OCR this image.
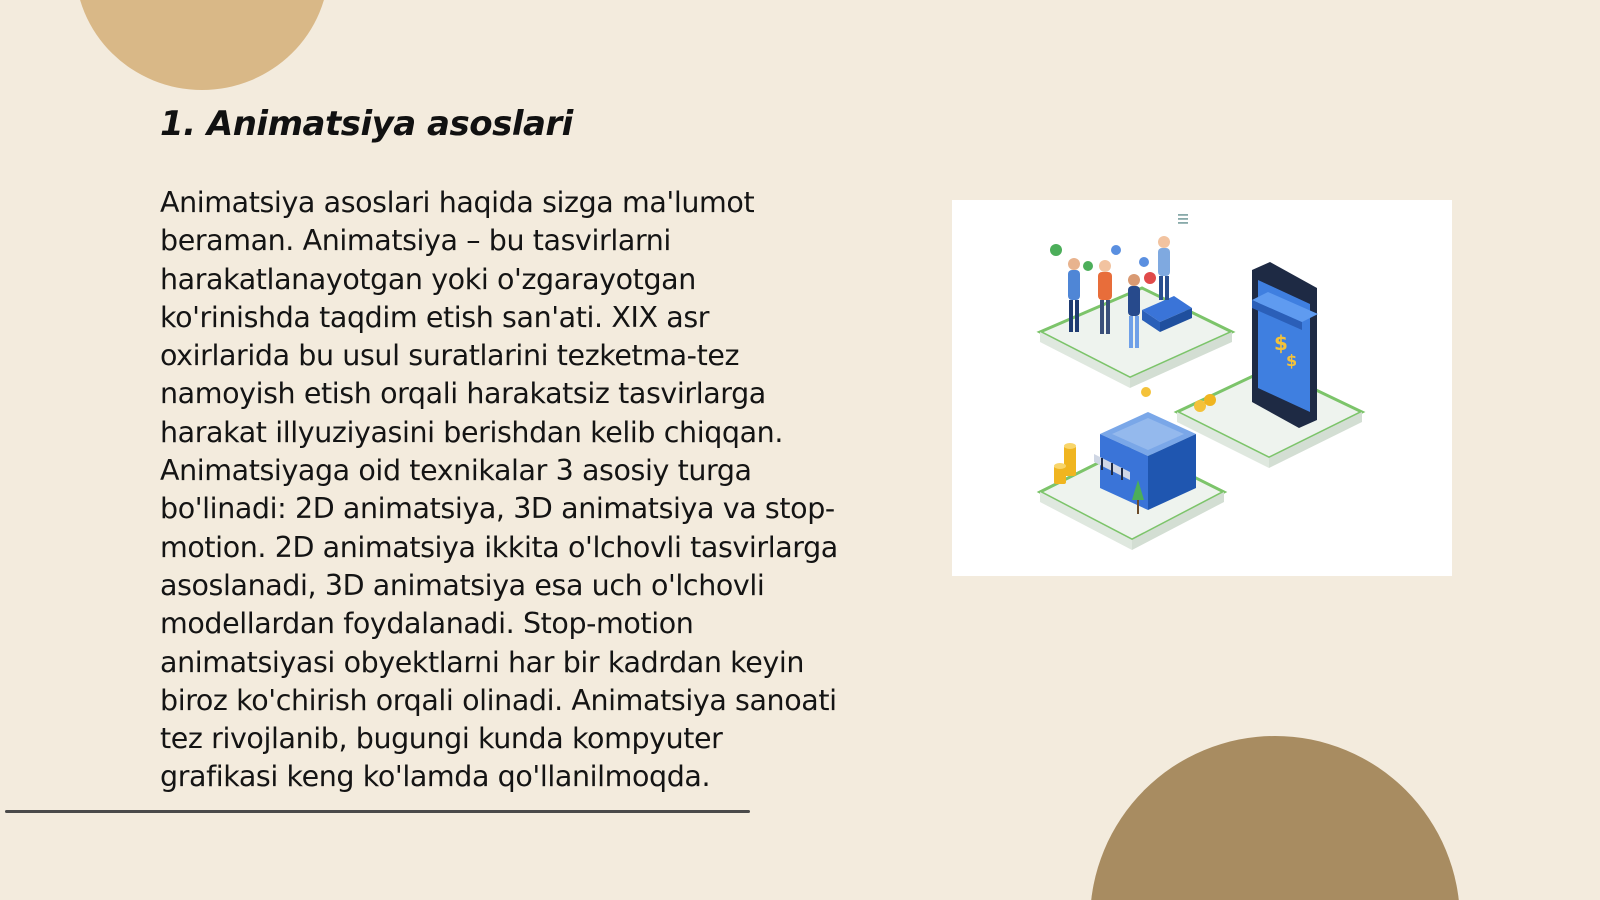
1. Animatsiya asoslari

Animatsiya asoslari haqida sizga ma'lumot beraman. Animatsiya – bu tasvirlarni harakatlanayotgan yoki o'zgarayotgan ko'rinishda taqdim etish san'ati. XIX asr oxirlarida bu usul suratlarini tezketma-tez namoyish etish orqali harakatsiz tasvirlarga harakat illyuziyasini berishdan kelib chiqqan. Animatsiyaga oid texnikalar 3 asosiy turga bo'linadi: 2D animatsiya, 3D animatsiya va stop-motion. 2D animatsiya ikkita o'lchovli tasvirlarga asoslanadi, 3D animatsiya esa uch o'lchovli modellardan foydalanadi. Stop-motion animatsiyasi obyektlarni har bir kadrdan keyin biroz ko'chirish orqali olinadi. Animatsiya sanoati tez rivojlanib, bugungi kunda kompyuter grafikasi keng ko'lamda qo'llanilmoqda.

$
$
